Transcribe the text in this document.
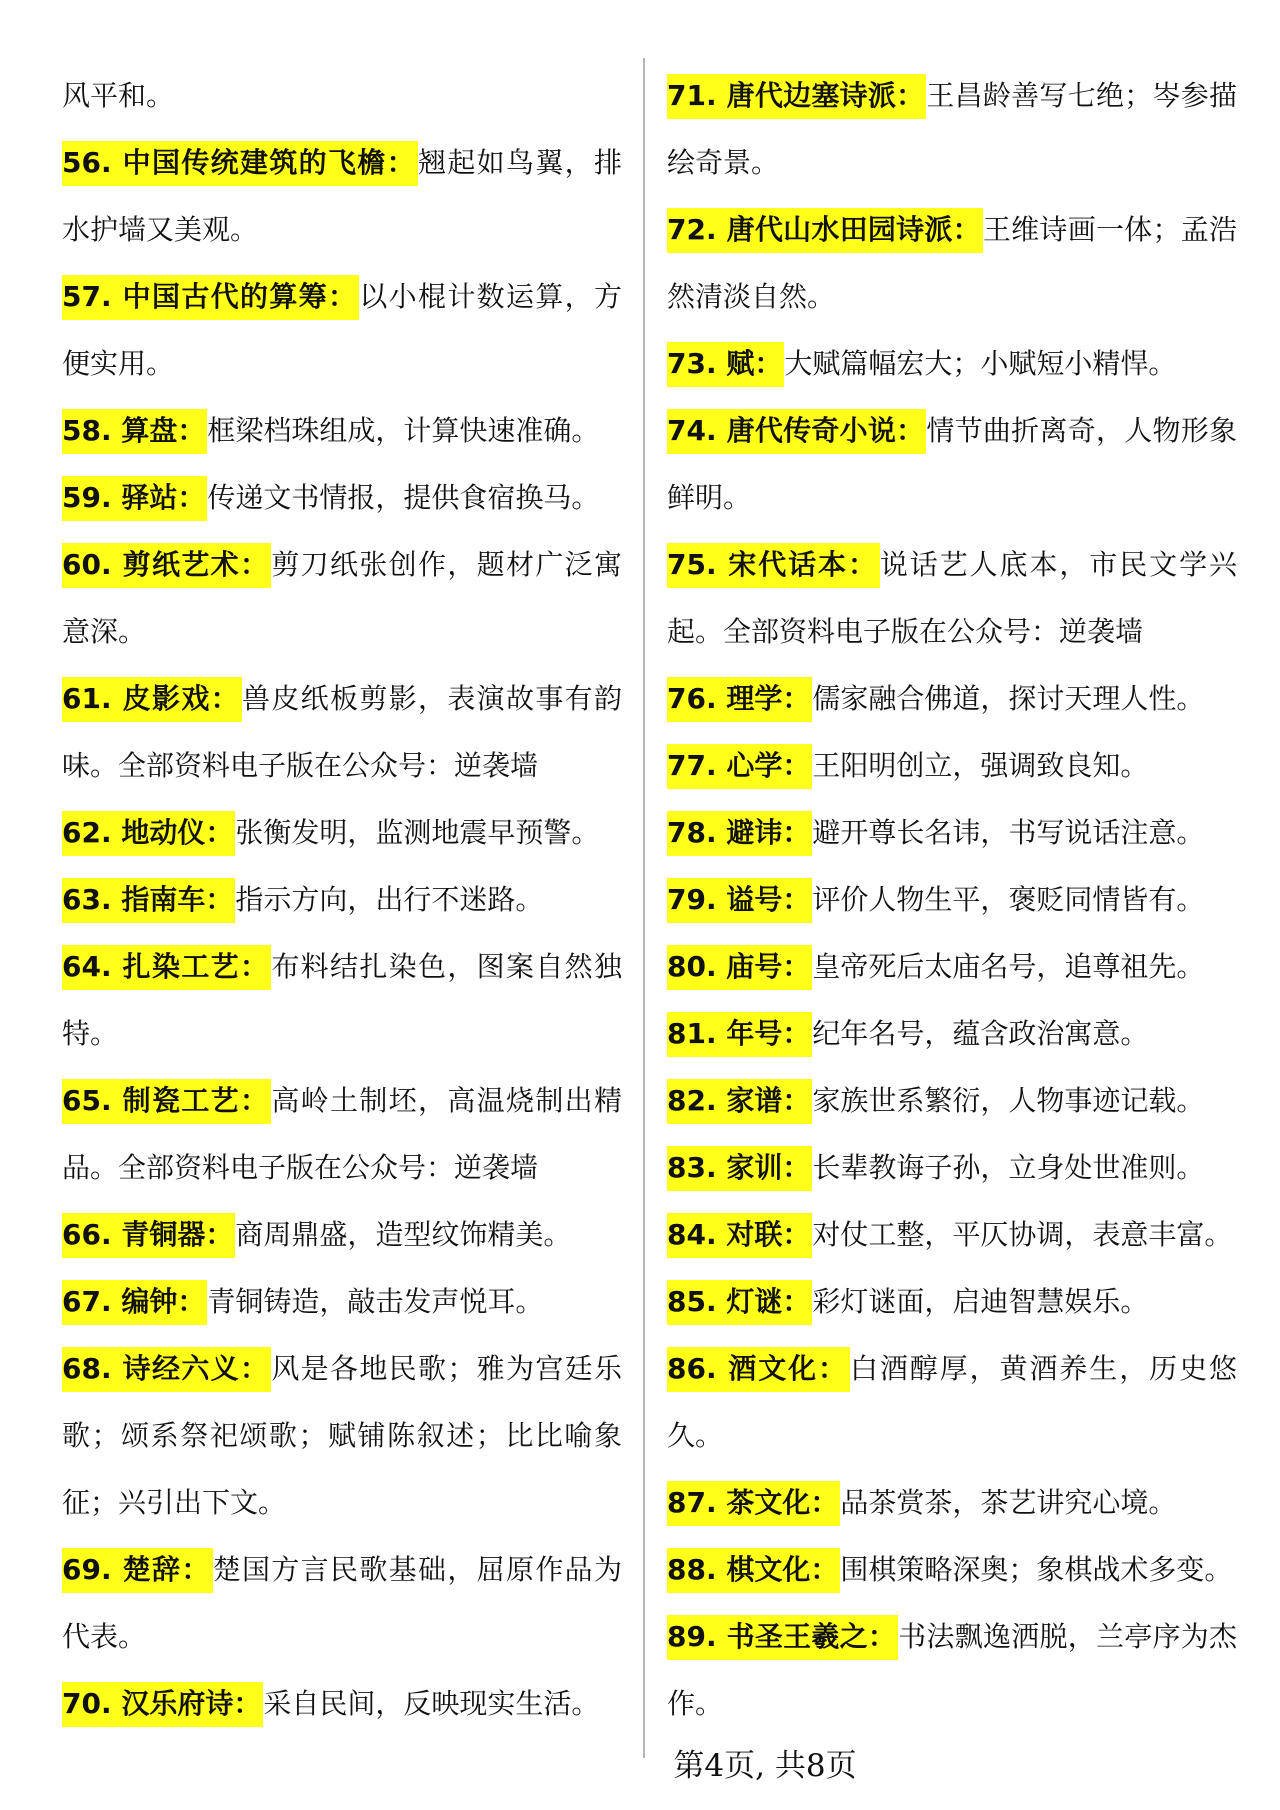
风平和。

56. 中国传统建筑的飞檐：翘起如鸟翼，排水护墙又美观。

57. 中国古代的算筹：以小棍计数运算，方便实用。

58. 算盘：框梁档珠组成，计算快速准确。

59. 驿站：传递文书情报，提供食宿换马。

60. 剪纸艺术：剪刀纸张创作，题材广泛寓意深。

61. 皮影戏：兽皮纸板剪影，表演故事有韵味。全部资料电子版在公众号：逆袭墙

62. 地动仪：张衡发明，监测地震早预警。

63. 指南车：指示方向，出行不迷路。

64. 扎染工艺：布料结扎染色，图案自然独特。

65. 制瓷工艺：高岭土制坯，高温烧制出精品。全部资料电子版在公众号：逆袭墙

66. 青铜器：商周鼎盛，造型纹饰精美。

67. 编钟：青铜铸造，敲击发声悦耳。

68. 诗经六义：风是各地民歌；雅为宫廷乐歌；颂系祭祀颂歌；赋铺陈叙述；比比喻象征；兴引出下文。

69. 楚辞：楚国方言民歌基础，屈原作品为代表。

70. 汉乐府诗：采自民间，反映现实生活。

71. 唐代边塞诗派：王昌龄善写七绝；岑参描绘奇景。

72. 唐代山水田园诗派：王维诗画一体；孟浩然清淡自然。

73. 赋：大赋篇幅宏大；小赋短小精悍。

74. 唐代传奇小说：情节曲折离奇，人物形象鲜明。

75. 宋代话本：说话艺人底本，市民文学兴起。全部资料电子版在公众号：逆袭墙

76. 理学：儒家融合佛道，探讨天理人性。

77. 心学：王阳明创立，强调致良知。

78. 避讳：避开尊长名讳，书写说话注意。

79. 谥号：评价人物生平，褒贬同情皆有。

80. 庙号：皇帝死后太庙名号，追尊祖先。

81. 年号：纪年名号，蕴含政治寓意。

82. 家谱：家族世系繁衍，人物事迹记载。

83. 家训：长辈教诲子孙，立身处世准则。

84. 对联：对仗工整，平仄协调，表意丰富。

85. 灯谜：彩灯谜面，启迪智慧娱乐。

86. 酒文化：白酒醇厚，黄酒养生，历史悠久。

87. 茶文化：品茶赏茶，茶艺讲究心境。

88. 棋文化：围棋策略深奥；象棋战术多变。

89. 书圣王羲之：书法飘逸洒脱，兰亭序为杰作。

第4页, 共8页
